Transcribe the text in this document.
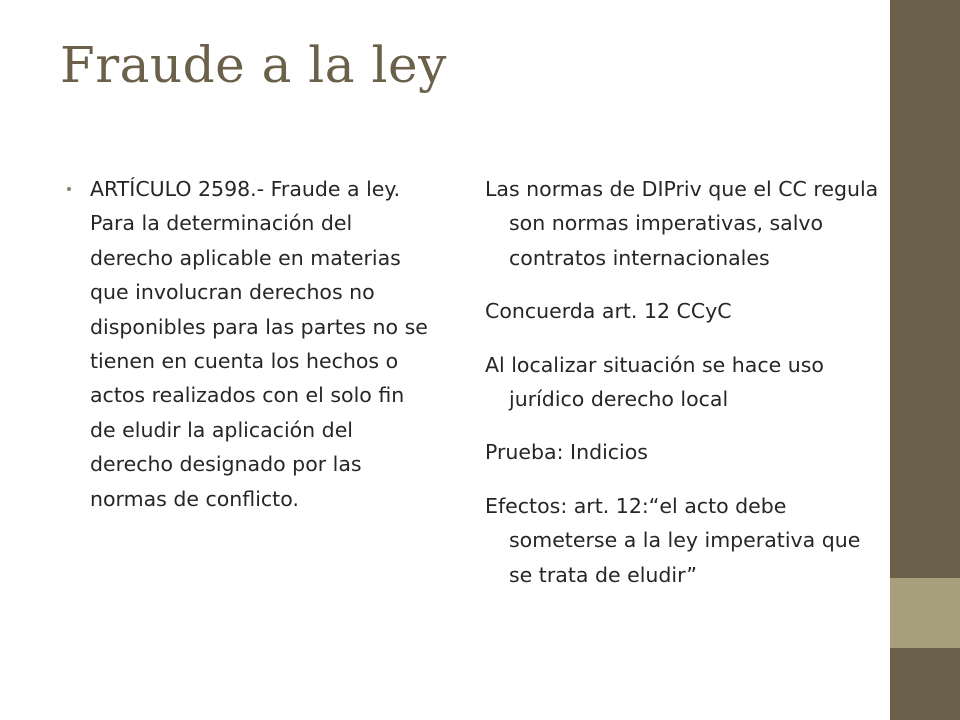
Fraude a la ley
ARTÍCULO 2598.- Fraude a ley. Para la determinación del derecho aplicable en materias que involucran derechos no disponibles para las partes no se tienen en cuenta los hechos o actos realizados con el solo fin de eludir la aplicación del derecho designado por las normas de conflicto.

Las normas de DIPriv que el CC regula son normas imperativas, salvo contratos internacionales

Concuerda art. 12 CCyC

Al localizar situación se hace uso jurídico derecho local

Prueba: Indicios

Efectos: art. 12:“el acto debe someterse a la ley imperativa que se trata de eludir”
